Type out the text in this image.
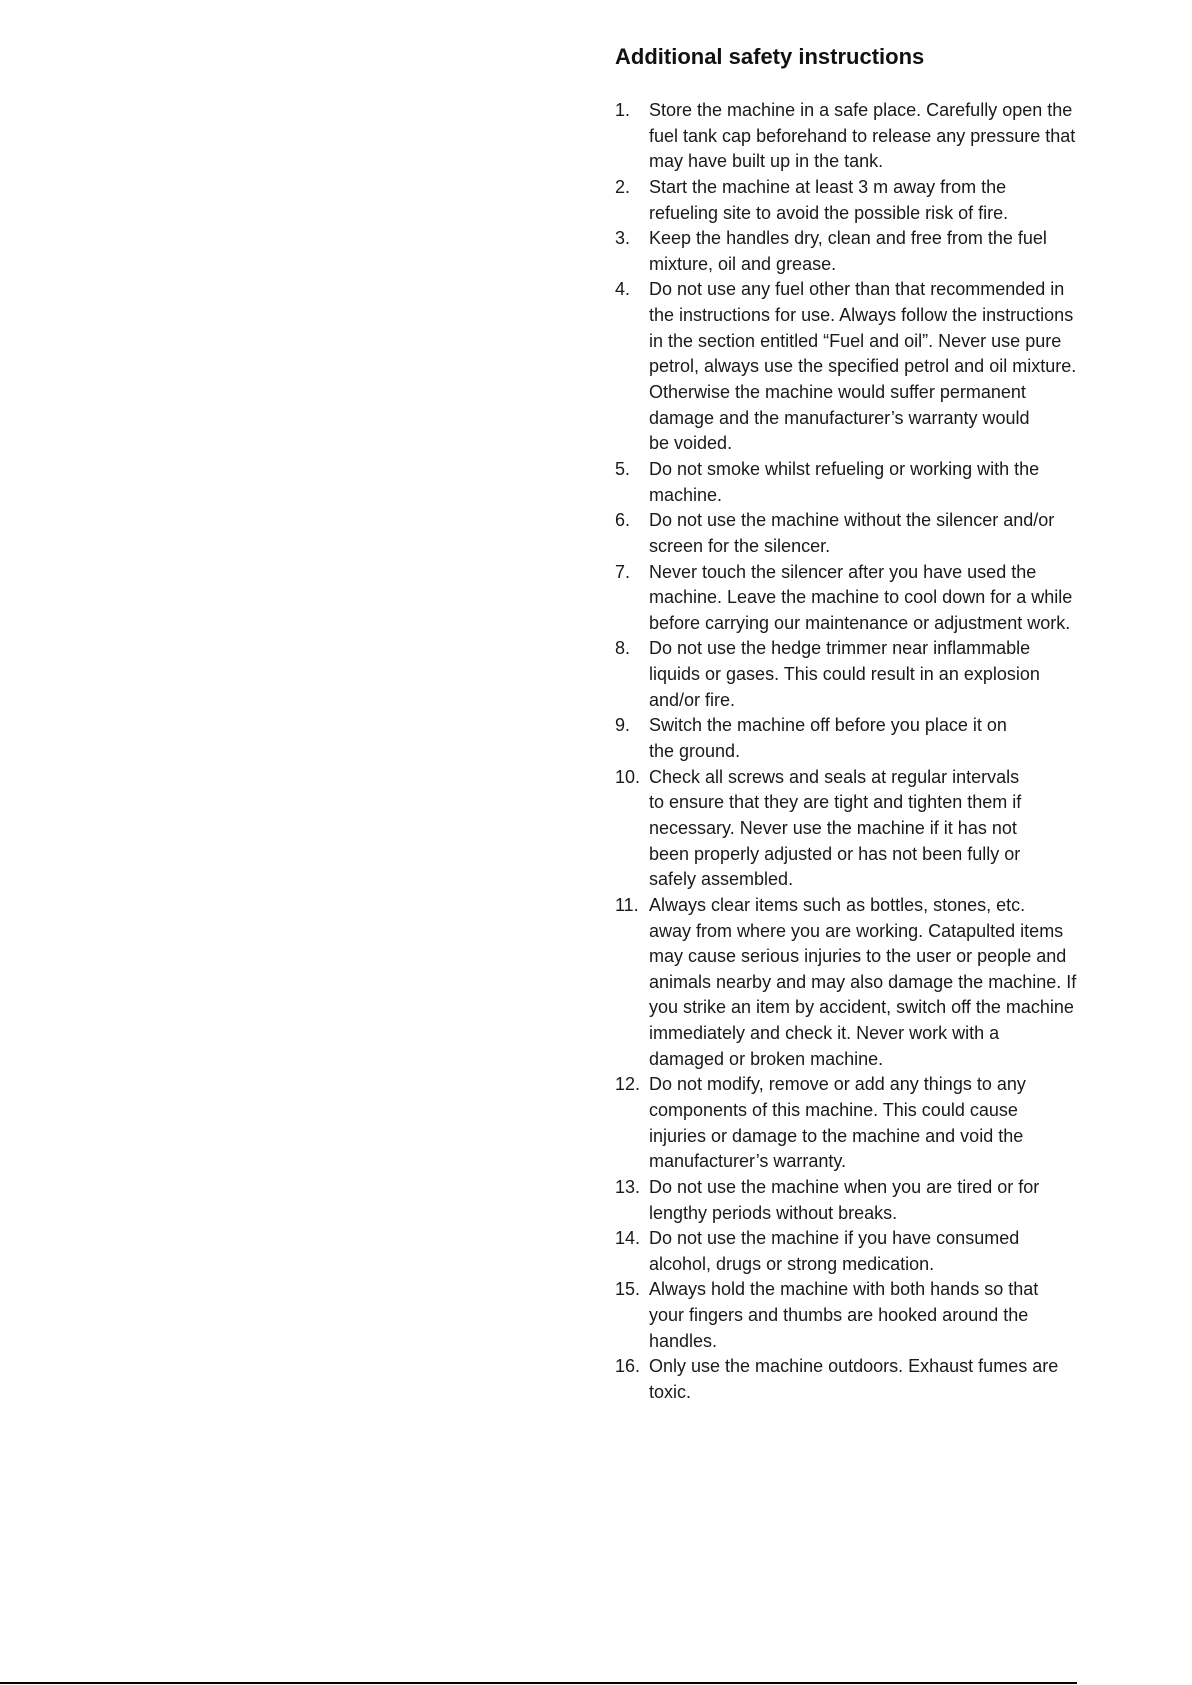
Additional safety instructions
1. Store the machine in a safe place. Carefully open the
fuel tank cap beforehand to release any pressure that
may have built up in the tank.
2. Start the machine at least 3 m away from the
refueling site to avoid the possible risk of fire.
3. Keep the handles dry, clean and free from the fuel
mixture, oil and grease.
4. Do not use any fuel other than that recommended in
the instructions for use. Always follow the instructions
in the section entitled “Fuel and oil”. Never use pure
petrol, always use the specified petrol and oil mixture.
Otherwise the machine would suffer permanent
damage and the manufacturer’s warranty would
be voided.
5. Do not smoke whilst refueling or working with the
machine.
6. Do not use the machine without the silencer and/or
screen for the silencer.
7. Never touch the silencer after you have used the
machine. Leave the machine to cool down for a while
before carrying our maintenance or adjustment work.
8. Do not use the hedge trimmer near inflammable
liquids or gases. This could result in an explosion
and/or fire.
9. Switch the machine off before you place it on
the ground.
10. Check all screws and seals at regular intervals
to ensure that they are tight and tighten them if
necessary. Never use the machine if it has not
been properly adjusted or has not been fully or
safely assembled.
11. Always clear items such as bottles, stones, etc.
away from where you are working. Catapulted items
may cause serious injuries to the user or people and
animals nearby and may also damage the machine. If
you strike an item by accident, switch off the machine
immediately and check it. Never work with a
damaged or broken machine.
12. Do not modify, remove or add any things to any
components of this machine. This could cause
injuries or damage to the machine and void the
manufacturer’s warranty.
13. Do not use the machine when you are tired or for
lengthy periods without breaks.
14. Do not use the machine if you have consumed
alcohol, drugs or strong medication.
15. Always hold the machine with both hands so that
your fingers and thumbs are hooked around the
handles.
16. Only use the machine outdoors. Exhaust fumes are
toxic.
